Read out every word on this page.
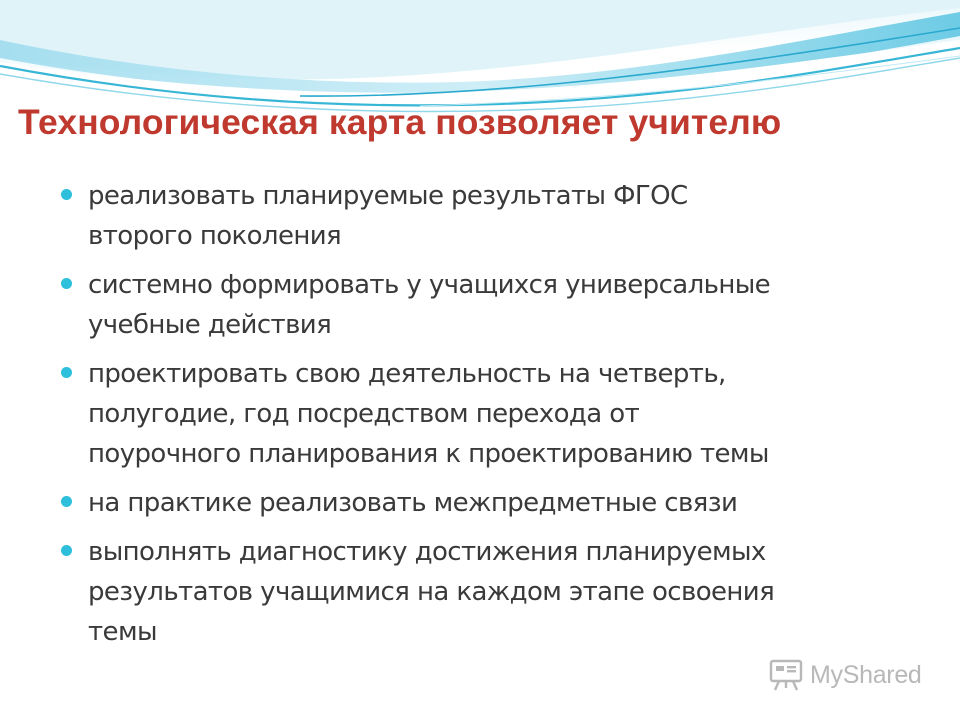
Технологическая карта позволяет учителю
реализовать планируемые результаты ФГОС
второго поколения
системно формировать у учащихся универсальные
учебные действия
проектировать свою деятельность на четверть,
полугодие, год посредством перехода от
поурочного планирования к проектированию темы
на практике реализовать межпредметные связи
выполнять диагностику достижения планируемых
результатов учащимися на каждом этапе освоения
темы
MyShared
